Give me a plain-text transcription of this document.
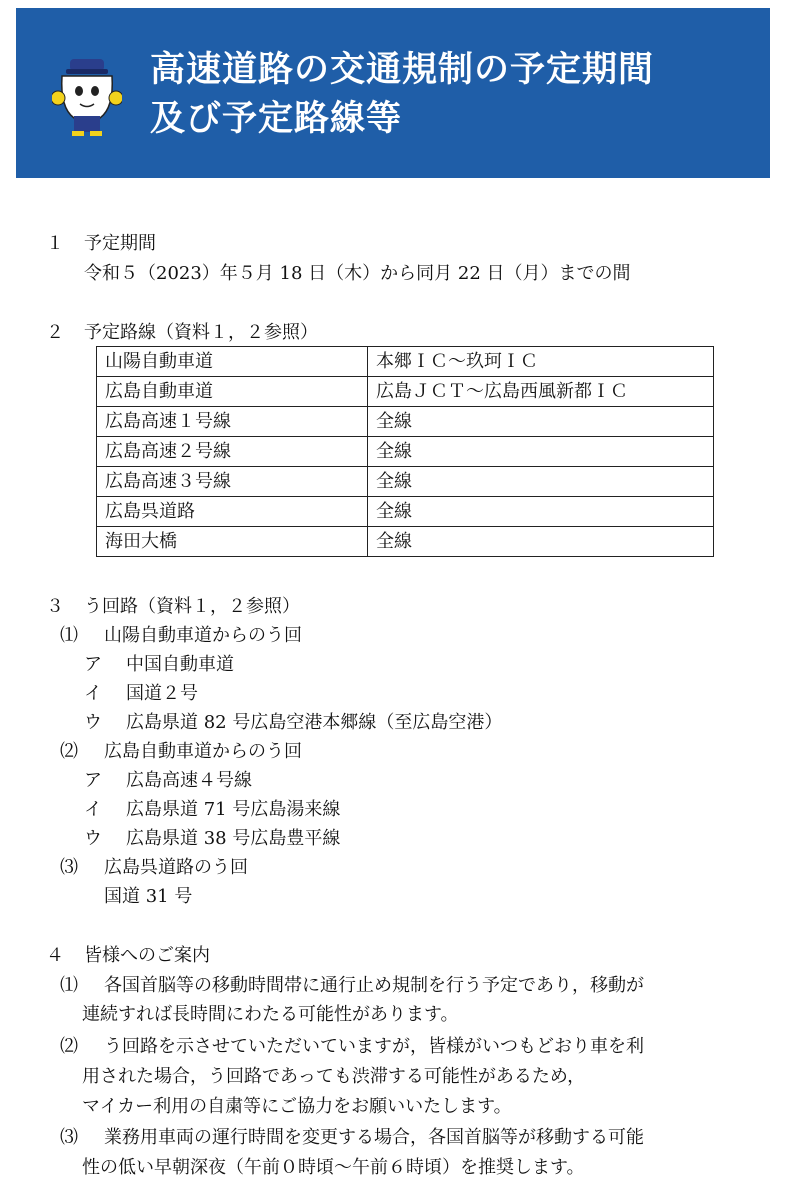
高速道路の交通規制の予定期間
及び予定路線等
１ 予定期間
令和５（2023）年５月 18 日（木）から同月 22 日（月）までの間
２ 予定路線（資料１，２参照）
山陽自動車道	本郷ＩＣ～玖珂ＩＣ
広島自動車道	広島ＪＣＴ～広島西風新都ＩＣ
広島高速１号線	全線
広島高速２号線	全線
広島高速３号線	全線
広島呉道路	全線
海田大橋	全線
３ う回路（資料１，２参照）
⑴ 山陽自動車道からのう回
ア 中国自動車道
イ 国道２号
ウ 広島県道 82 号広島空港本郷線（至広島空港）
⑵ 広島自動車道からのう回
ア 広島高速４号線
イ 広島県道 71 号広島湯来線
ウ 広島県道 38 号広島豊平線
⑶ 広島呉道路のう回
国道 31 号
４ 皆様へのご案内
⑴ 各国首脳等の移動時間帯に通行止め規制を行う予定であり，移動が
連続すれば長時間にわたる可能性があります。
⑵ う回路を示させていただいていますが，皆様がいつもどおり車を利
用された場合，う回路であっても渋滞する可能性があるため，
マイカー利用の自粛等にご協力をお願いいたします。
⑶ 業務用車両の運行時間を変更する場合，各国首脳等が移動する可能
性の低い早朝深夜（午前０時頃～午前６時頃）を推奨します。
